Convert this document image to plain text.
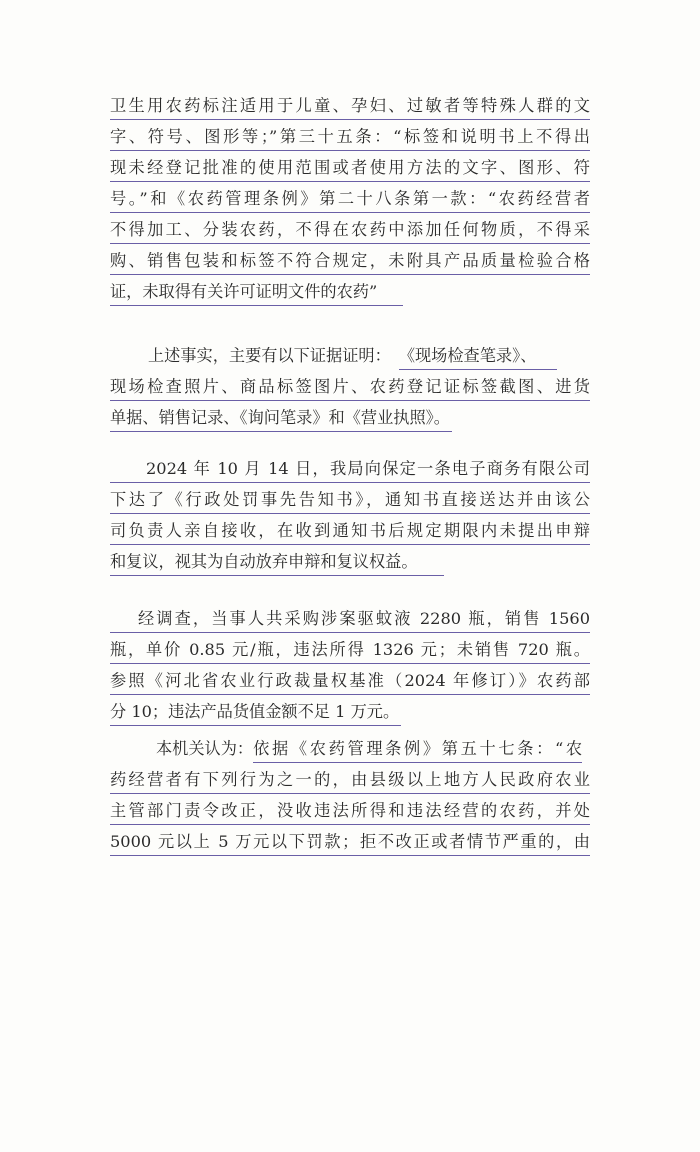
卫生用农药标注适用于儿童、孕妇、过敏者等特殊人群的文
字、符号、图形等；”第三十五条：“标签和说明书上不得出
现未经登记批准的使用范围或者使用方法的文字、图形、符
号。”和《农药管理条例》第二十八条第一款：“农药经营者
不得加工、分装农药，不得在农药中添加任何物质，不得采
购、销售包装和标签不符合规定，未附具产品质量检验合格
证，未取得有关许可证明文件的农药”
上述事实，主要有以下证据证明： 《现场检查笔录》、
现场检查照片、商品标签图片、农药登记证标签截图、进货
单据、销售记录、《询问笔录》和《营业执照》。
2024 年 10 月 14 日，我局向保定一条电子商务有限公司
下达了《行政处罚事先告知书》，通知书直接送达并由该公
司负责人亲自接收，在收到通知书后规定期限内未提出申辩
和复议，视其为自动放弃申辩和复议权益。
经调查，当事人共采购涉案驱蚊液 2280 瓶，销售 1560
瓶，单价 0.85 元/瓶，违法所得 1326 元；未销售 720 瓶。
参照《河北省农业行政裁量权基准（2024 年修订）》农药部
分 10；违法产品货值金额不足 1 万元。
本机关认为：依据《农药管理条例》第五十七条：“农
药经营者有下列行为之一的，由县级以上地方人民政府农业
主管部门责令改正，没收违法所得和违法经营的农药，并处
5000 元以上 5 万元以下罚款；拒不改正或者情节严重的，由
